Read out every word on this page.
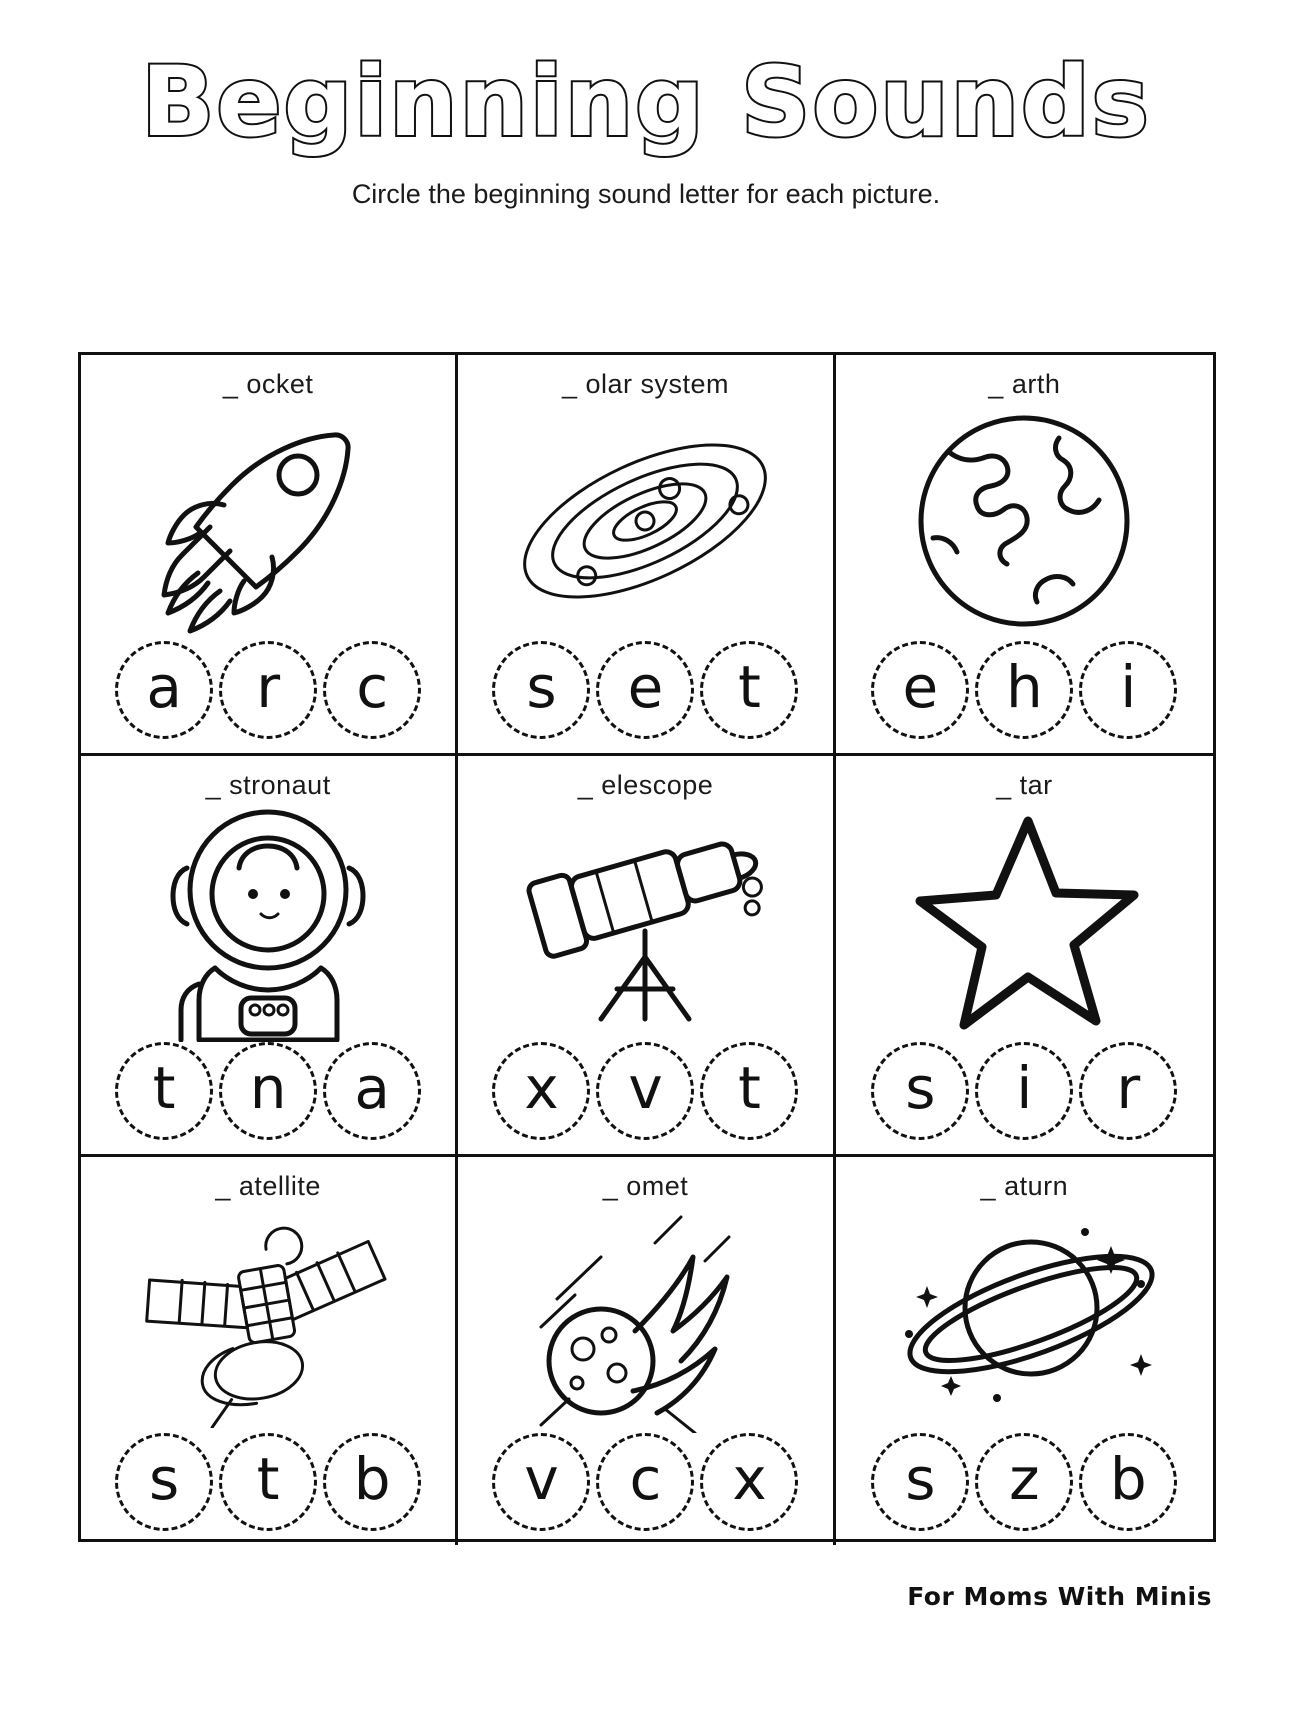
Beginning Sounds
Circle the beginning sound letter for each picture.
_ ocket
a	r	c
_ olar system
s	e	t
_ arth
e	h	i
_ stronaut
t	n	a
_ elescope
x	v	t
_ tar
s	i	r
_ atellite
s	t	b
_ omet
v	c	x
_ aturn
s	z	b
For Moms With Minis
